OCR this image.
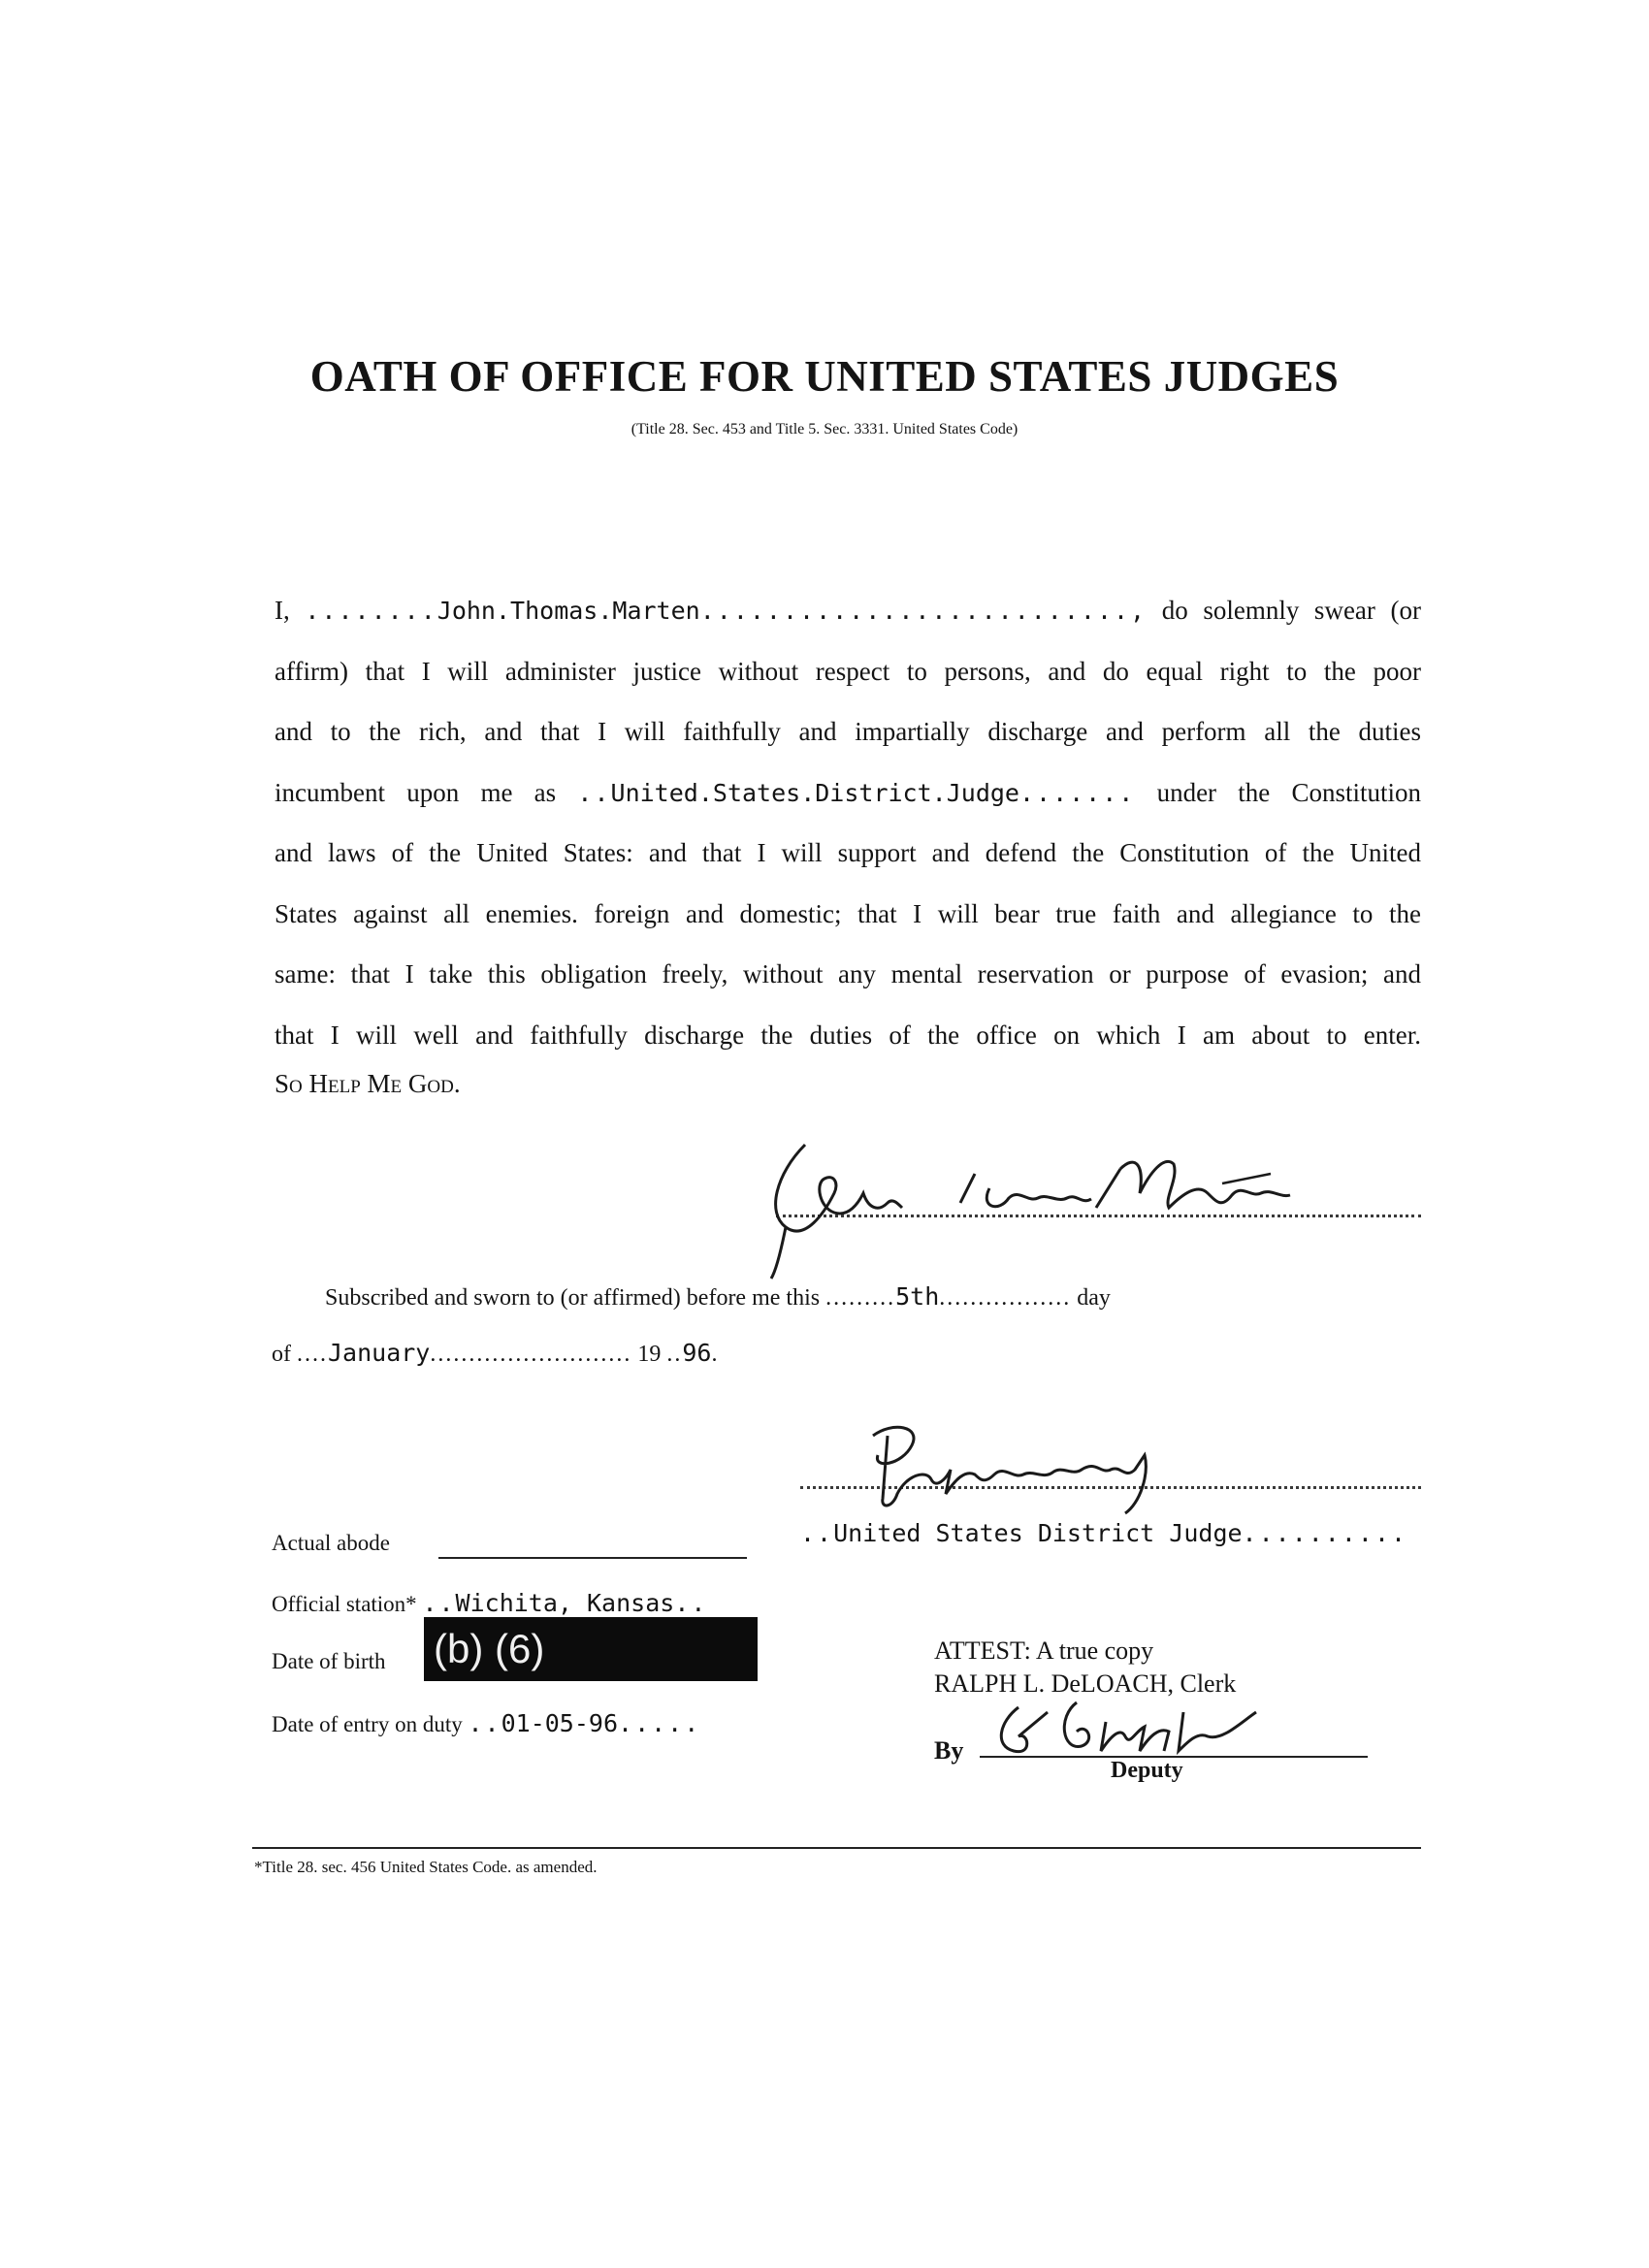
OATH OF OFFICE FOR UNITED STATES JUDGES
(Title 28. Sec. 453 and Title 5. Sec. 3331. United States Code)
I, ........John.Thomas.Marten.........................., do solemnly swear (or
affirm) that I will administer justice without respect to persons, and do equal right to the poor
and to the rich, and that I will faithfully and impartially discharge and perform all the duties
incumbent upon me as ..United.States.District.Judge....... under the Constitution
and laws of the United States: and that I will support and defend the Constitution of the United
States against all enemies. foreign and domestic; that I will bear true faith and allegiance to the
same: that I take this obligation freely, without any mental reservation or purpose of evasion; and
that I will well and faithfully discharge the duties of the office on which I am about to enter.
So Help Me God.
Subscribed and sworn to (or affirmed) before me this .........5th................. day
of ....January.......................... 19 ..96.
..United States District Judge..........
Actual abode
Official station* ..Wichita, Kansas..
Date of birth (b) (6)
Date of entry on duty ..01-05-96.....
ATTEST: A true copy
RALPH L. DeLOACH, Clerk
By
Deputy
*Title 28. sec. 456 United States Code. as amended.
